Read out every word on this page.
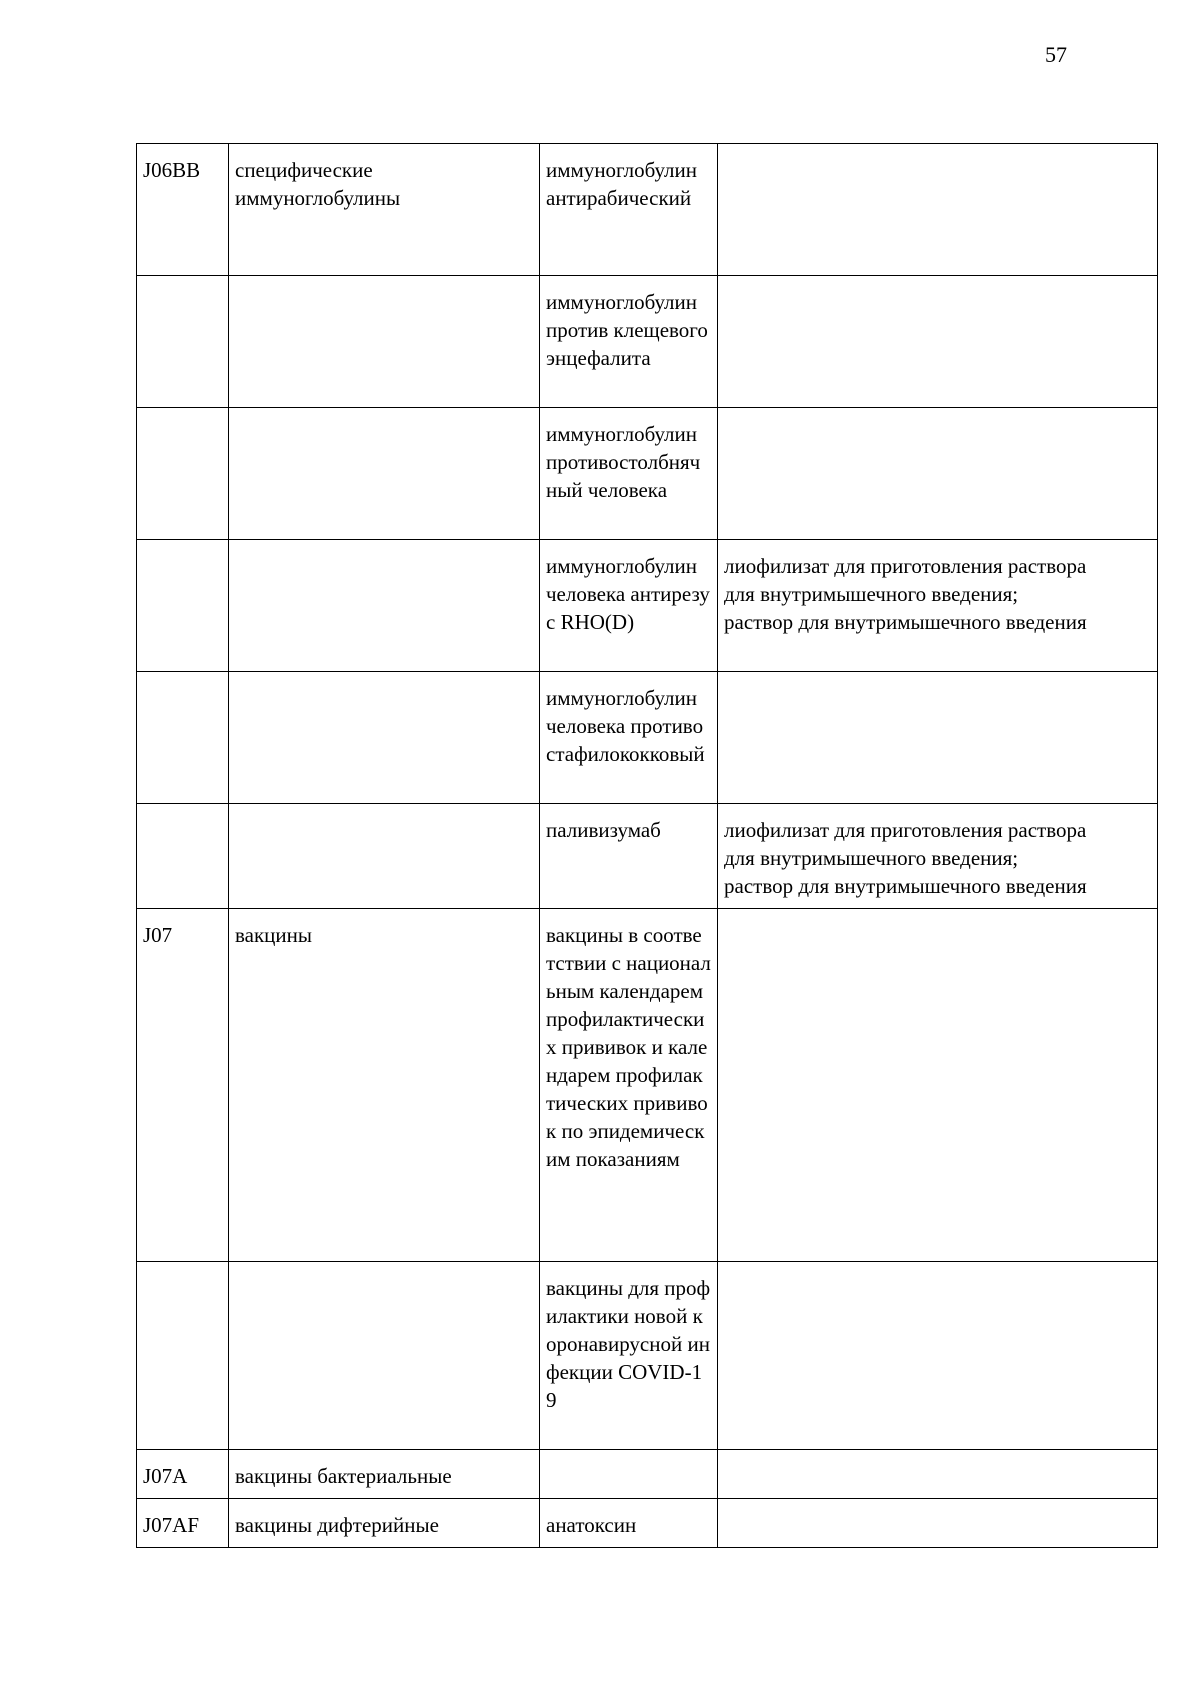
57
J06BB	специфические иммуноглобулины	иммуноглобулин антирабический	
		иммуноглобулин против клещевого энцефалита	
		иммуноглобулин противостолбнячный человека	
		иммуноглобулин человека антирезус RHO(D)	лиофилизат для приготовления раствора
для внутримышечного введения;
раствор для внутримышечного введения

		иммуноглобулин человека противостафилококковый	
		паливизумаб	лиофилизат для приготовления раствора
для внутримышечного введения;
раствор для внутримышечного введения

J07	вакцины	вакцины в соответствии с национальным календарем профилактических прививок и календарем профилактических прививок по эпидемическим показаниям	
		вакцины для профилактики новой коронавирусной инфекции COVID-19	
J07A	вакцины бактериальные		
J07AF	вакцины дифтерийные	анатоксин	
